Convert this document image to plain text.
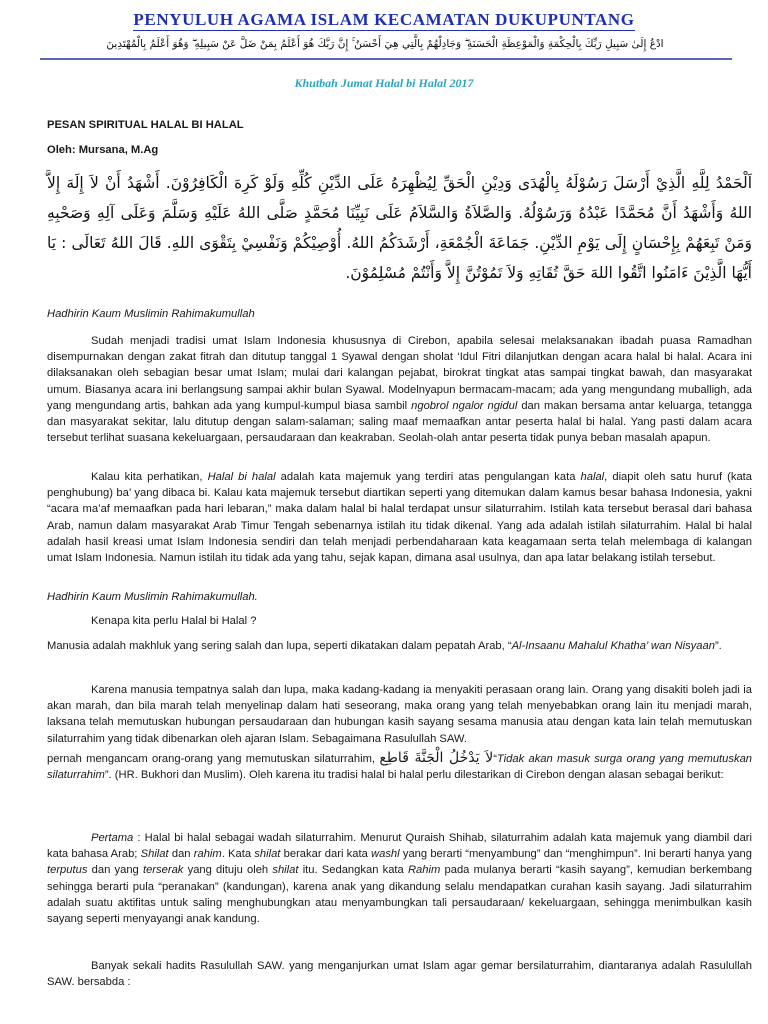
PENYULUH AGAMA ISLAM KECAMATAN DUKUPUNTANG
ادْعُ إِلَىٰ سَبِيلِ رَبِّكَ بِالْحِكْمَةِ وَالْمَوْعِظَةِ الْحَسَنَةِ ۖ وَجَادِلْهُمْ بِالَّتِي هِيَ أَحْسَنُ ۚ إِنَّ رَبَّكَ هُوَ أَعْلَمُ بِمَنْ ضَلَّ عَنْ سَبِيلِهِ ۖ وَهُوَ أَعْلَمُ بِالْمُهْتَدِينَ
Khutbah Jumat Halal bi Halal 2017
PESAN SPIRITUAL HALAL BI HALAL
Oleh: Mursana, M.Ag
اَلْحَمْدُ لِلَّهِ الَّذِيْ أَرْسَلَ رَسُوْلَهُ بِالْهُدَى وَدِيْنِ الْحَقِّ لِيُظْهِرَهُ عَلَى الدِّيْنِ كُلِّهِ وَلَوْ كَرِهَ الْكَافِرُوْنَ. أَشْهَدُ أَنْ لاَ إِلَهَ إِلاَّ اللهُ وَأَشْهَدُ أَنَّ مُحَمَّدًا عَبْدُهُ وَرَسُوْلُهُ. وَالصَّلاَةُ وَالسَّلاَمُ عَلَى نَبِيِّنَا مُحَمَّدٍ صَلَّى اللهُ عَلَيْهِ وَسَلَّمَ وَعَلَى آلِهِ وَصَحْبِهِ وَمَنْ تَبِعَهُمْ بِإِحْسَانٍ إِلَى يَوْمِ الدِّيْنِ. جَمَاعَةَ الْجُمْعَةِ، أَرْشَدَكُمُ اللهُ. أُوْصِيْكُمْ وَنَفْسِيْ بِتَقْوَى اللهِ. قَالَ اللهُ تَعَالَى : يَا أَيُّهَا الَّذِيْنَ ءَامَنُوا اتَّقُوا اللهَ حَقَّ تُقَاتِهِ وَلاَ تَمُوْتُنَّ إِلاَّ وَأَنْتُمْ مُسْلِمُوْنَ.
Hadhirin Kaum Muslimin Rahimakumullah
Sudah menjadi tradisi umat Islam Indonesia khususnya di Cirebon, apabila selesai melaksanakan ibadah puasa Ramadhan disempurnakan dengan zakat fitrah dan ditutup tanggal 1 Syawal dengan sholat ‘Idul Fitri dilanjutkan dengan acara halal bi halal. Acara ini dilaksanakan oleh sebagian besar umat Islam; mulai dari kalangan pejabat, birokrat tingkat atas sampai tingkat bawah, dan masyarakat umum. Biasanya acara ini berlangsung sampai akhir bulan Syawal. Modelnyapun bermacam-macam; ada yang mengundang muballigh, ada yang mengundang artis, bahkan ada yang kumpul-kumpul biasa sambil ngobrol ngalor ngidul dan makan bersama antar keluarga, tetangga dan masyarakat sekitar, lalu ditutup dengan salam-salaman; saling maaf memaafkan antar peserta halal bi halal. Yang pasti dalam acara tersebut terlihat suasana kekeluargaan, persaudaraan dan keakraban. Seolah-olah antar peserta tidak punya beban masalah apapun.
Kalau kita perhatikan, Halal bi halal adalah kata majemuk yang terdiri atas pengulangan kata halal, diapit oleh satu huruf (kata penghubung) ba’ yang dibaca bi. Kalau kata majemuk tersebut diartikan seperti yang ditemukan dalam kamus besar bahasa Indonesia, yakni “acara ma’af memaafkan pada hari lebaran,” maka dalam halal bi halal terdapat unsur silaturrahim. Istilah kata tersebut berasal dari bahasa Arab, namun dalam masyarakat Arab Timur Tengah sebenarnya istilah itu tidak dikenal. Yang ada adalah istilah silaturrahim. Halal bi halal adalah hasil kreasi umat Islam Indonesia sendiri dan telah menjadi perbendaharaan kata keagamaan serta telah melembaga di kalangan umat Islam Indonesia. Namun istilah itu tidak ada yang tahu, sejak kapan, dimana asal usulnya, dan apa latar belakang istilah tersebut.
Hadhirin Kaum Muslimin Rahimakumullah.
Kenapa kita perlu Halal bi Halal ?
Manusia adalah makhluk yang sering salah dan lupa, seperti dikatakan dalam pepatah Arab, “Al-Insaanu Mahalul Khatha’ wan Nisyaan”.
Karena manusia tempatnya salah dan lupa, maka kadang-kadang ia menyakiti perasaan orang lain. Orang yang disakiti boleh jadi ia akan marah, dan bila marah telah menyelinap dalam hati seseorang, maka orang yang telah menyebabkan orang lain itu menjadi marah, laksana telah memutuskan hubungan persaudaraan dan hubungan kasih sayang sesama manusia atau dengan kata lain telah memutuskan silaturrahim yang tidak dibenarkan oleh ajaran Islam. Sebagaimana Rasulullah SAW.
pernah mengancam orang-orang yang memutuskan silaturrahim, لاَ يَدْخُلُ الْجَنَّةَ قَاطِع“Tidak akan masuk surga orang yang memutuskan silaturrahim”. (HR. Bukhori dan Muslim). Oleh karena itu tradisi halal bi halal perlu dilestarikan di Cirebon dengan alasan sebagai berikut:
Pertama : Halal bi halal sebagai wadah silaturrahim. Menurut Quraish Shihab, silaturrahim adalah kata majemuk yang diambil dari kata bahasa Arab; Shilat dan rahim. Kata shilat berakar dari kata washl yang berarti “menyambung” dan “menghimpun”. Ini berarti hanya yang terputus dan yang terserak yang dituju oleh shilat itu. Sedangkan kata Rahim pada mulanya berarti “kasih sayang”, kemudian berkembang sehingga berarti pula “peranakan” (kandungan), karena anak yang dikandung selalu mendapatkan curahan kasih sayang. Jadi silaturrahim adalah suatu aktifitas untuk saling menghubungkan atau menyambungkan tali persaudaraan/ kekeluargaan, sehingga menimbulkan kasih sayang seperti menyayangi anak kandung.
Banyak sekali hadits Rasulullah SAW. yang menganjurkan umat Islam agar gemar bersilaturrahim, diantaranya adalah Rasulullah SAW. bersabda :
